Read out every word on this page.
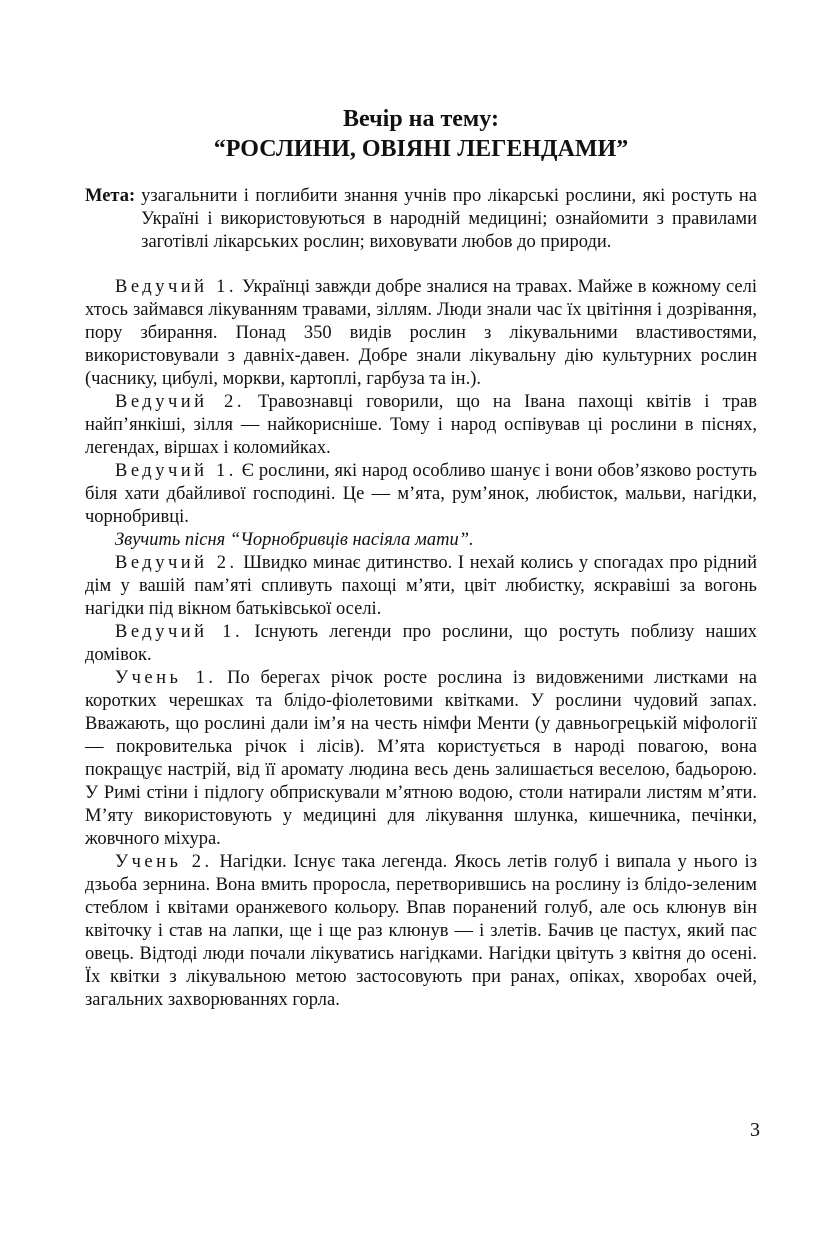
Вечір на тему:
“РОСЛИНИ, ОВІЯНІ ЛЕГЕНДАМИ”
Мета: узагальнити і поглибити знання учнів про лікарські рослини, які ростуть на Україні і використовуються в народній медицині; ознайомити з правилами заготівлі лікарських рослин; виховувати любов до природи.

Ведучий 1. Українці завжди добре зналися на травах. Майже в кожному селі хтось займався лікуванням травами, зіллям. Люди знали час їх цвітіння і дозрівання, пору збирання. Понад 350 видів рослин з лікувальними властивостями, використовували з давніх-давен. Добре знали лікувальну дію культурних рослин (часнику, цибулі, моркви, картоплі, гарбуза та ін.).

Ведучий 2. Травознавці говорили, що на Івана пахощі квітів і трав найп’янкіші, зілля — найкорисніше. Тому і народ оспівував ці рослини в піснях, легендах, віршах і коломийках.

Ведучий 1. Є рослини, які народ особливо шанує і вони обов’язково ростуть біля хати дбайливої господині. Це — м’ята, рум’янок, любисток, мальви, нагідки, чорнобривці.

Звучить пісня “Чорнобривців насіяла мати”.

Ведучий 2. Швидко минає дитинство. І нехай колись у спогадах про рідний дім у вашій пам’яті спливуть пахощі м’яти, цвіт любистку, яскравіші за вогонь нагідки під вікном батьківської оселі.

Ведучий 1. Існують легенди про рослини, що ростуть поблизу наших домівок.

Учень 1. По берегах річок росте рослина із видовженими листками на коротких черешках та блідо-фіолетовими квітками. У рослини чудовий запах. Вважають, що рослині дали ім’я на честь німфи Менти (у давньогрецькій міфології — покровителька річок і лісів). М’ята користується в народі повагою, вона покращує настрій, від її аромату людина весь день залишається веселою, бадьорою. У Римі стіни і підлогу обприскували м’ятною водою, столи натирали листям м’яти. М’яту використовують у медицині для лікування шлунка, кишечника, печінки, жовчного міхура.

Учень 2. Нагідки. Існує така легенда. Якось летів голуб і випала у нього із дзьоба зернина. Вона вмить проросла, перетворившись на рослину із блідо-зеленим стеблом і квітами оранжевого кольору. Впав поранений голуб, але ось клюнув він квіточку і став на лапки, ще і ще раз клюнув — і злетів. Бачив це пастух, який пас овець. Відтоді люди почали лікуватись нагідками. Нагідки цвітуть з квітня до осені. Їх квітки з лікувальною метою застосовують при ранах, опіках, хворобах очей, загальних захворюваннях горла.

3
